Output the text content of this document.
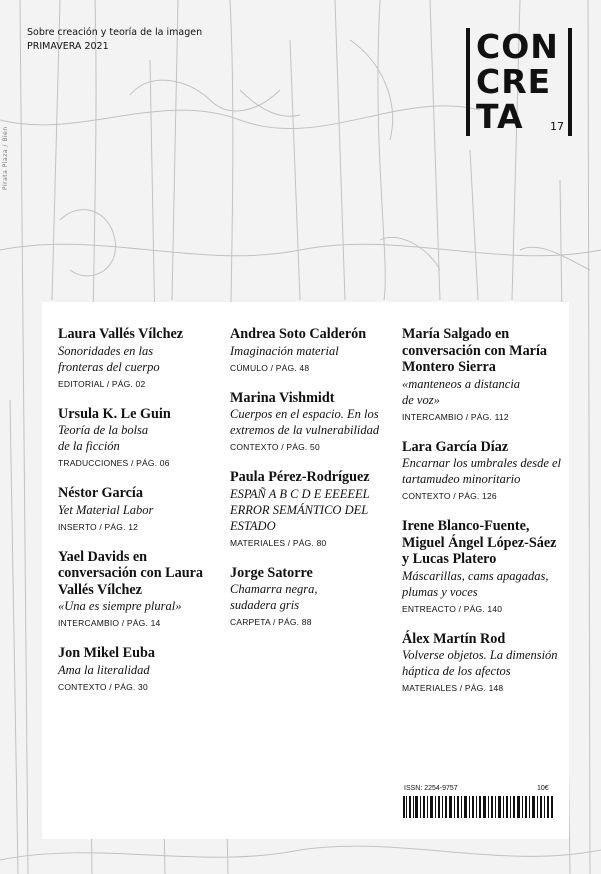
Sobre creación y teoría de la imagen
PRIMAVERA 2021
Pirata Plaza / Bien
CON
CRE
TA 17
Laura Vallés Vílchez
Sonoridades en las fronteras del cuerpo
EDITORIAL / PÁG. 02
Ursula K. Le Guin
Teoría de la bolsa de la ficción
TRADUCCIONES / PÁG. 06
Néstor García
Yet Material Labor
INSERTO / PÁG. 12
Yael Davids en conversación con Laura Vallés Vílchez
«Una es siempre plural»
INTERCAMBIO / PÁG. 14
Jon Mikel Euba
Ama la literalidad
CONTEXTO / PÁG. 30
Andrea Soto Calderón
Imaginación material
CÚMULO / PÁG. 48
Marina Vishmidt
Cuerpos en el espacio. En los extremos de la vulnerabilidad
CONTEXTO / PÁG. 50
Paula Pérez-Rodríguez
ESPAÑ A B C D E EEEEEL ERROR SEMÁNTICO DEL ESTADO
MATERIALES / PÁG. 80
Jorge Satorre
Chamarra negra, sudadera gris
CARPETA / PÁG. 88
María Salgado en conversación con María Montero Sierra
«manteneos a distancia de voz»
INTERCAMBIO / PÁG. 112
Lara García Díaz
Encarnar los umbrales desde el tartamudeo minoritario
CONTEXTO / PÁG. 126
Irene Blanco-Fuente, Miguel Ángel López-Sáez y Lucas Platero
Máscarillas, cams apagadas, plumas y voces
ENTREACTO / PÁG. 140
Álex Martín Rod
Volverse objetos. La dimensión háptica de los afectos
MATERIALES / PÁG. 148
ISSN: 2254-9757	10€
